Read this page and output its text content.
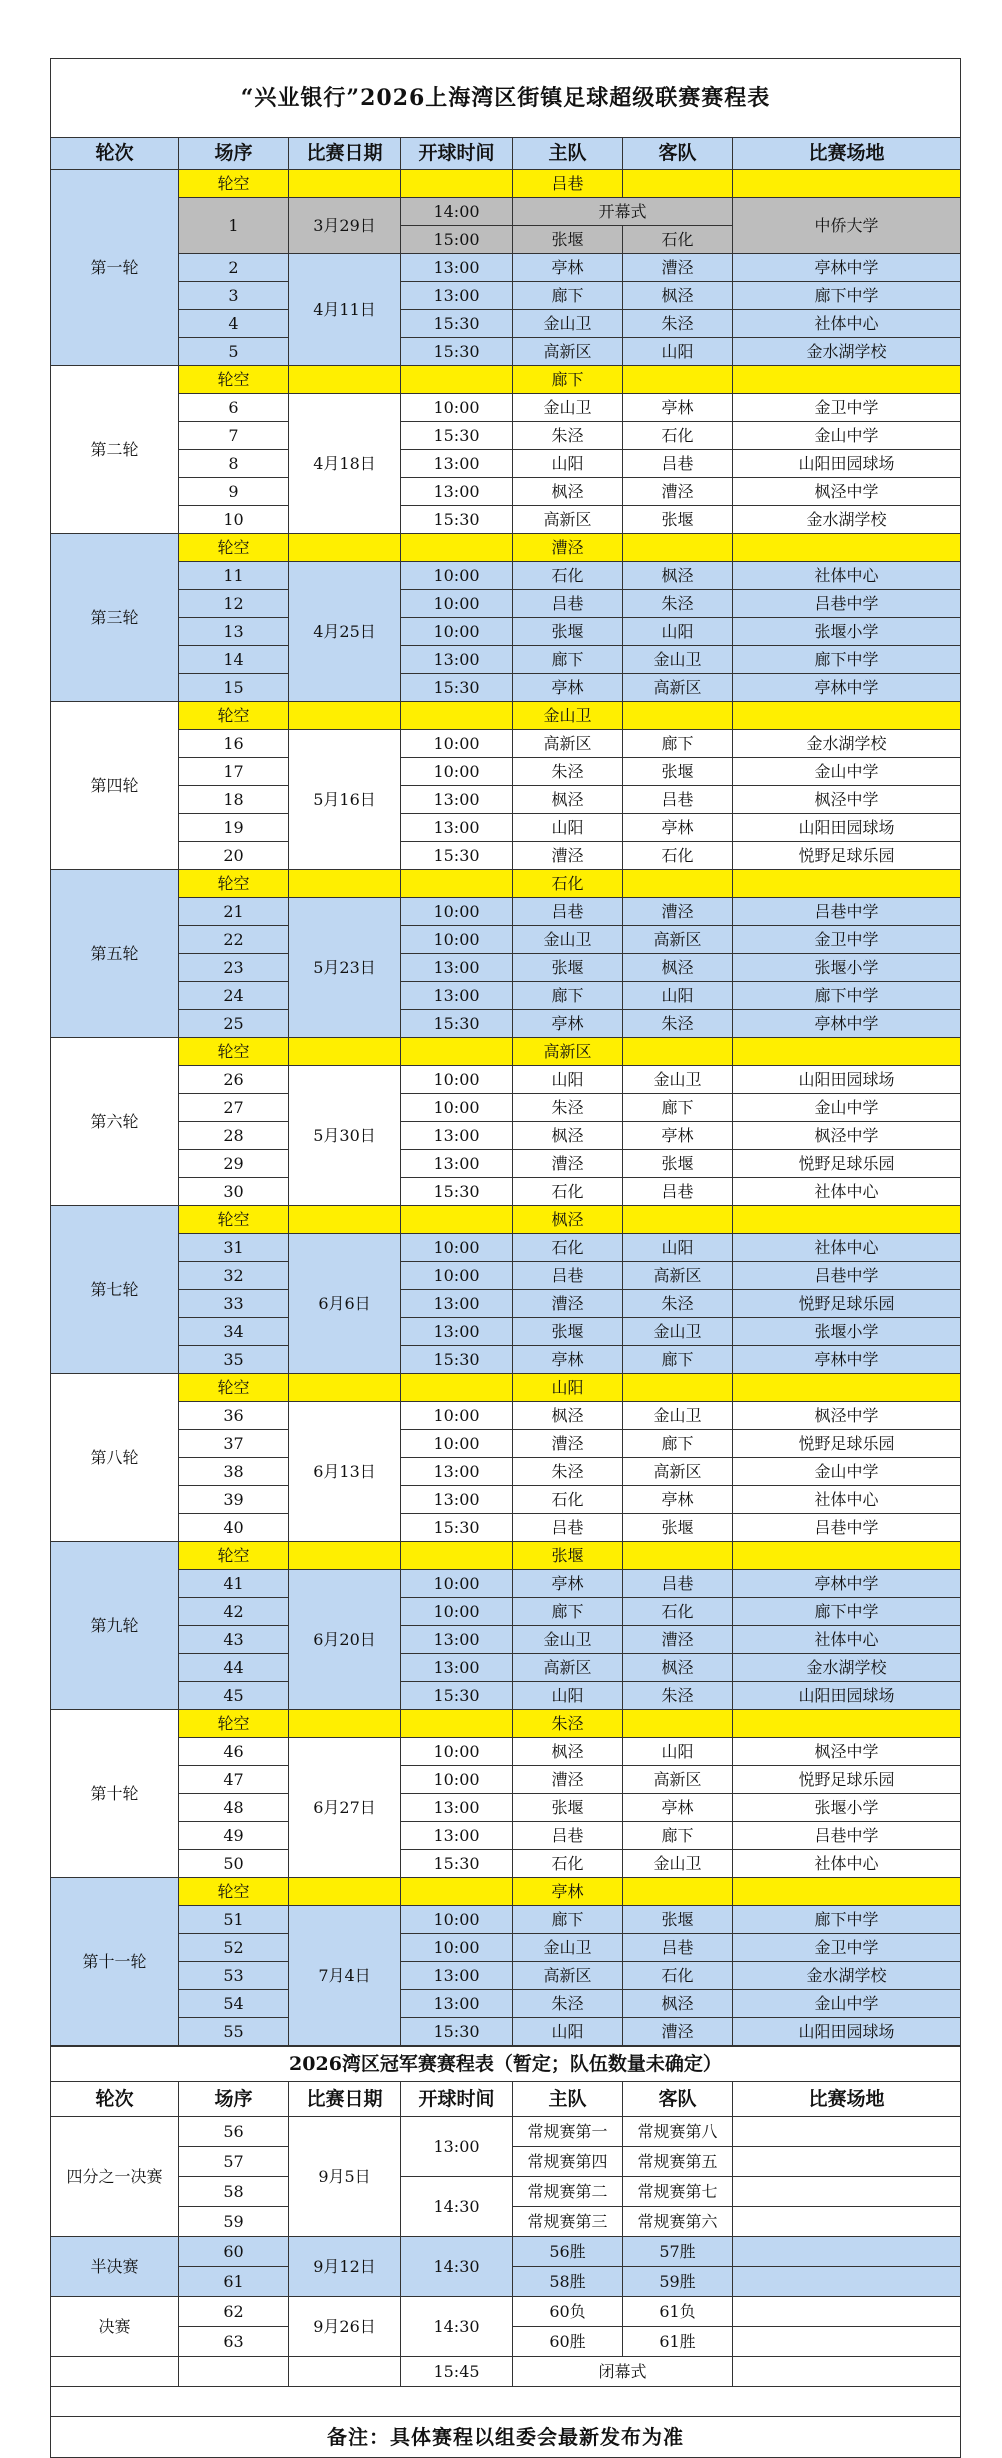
“兴业银行”2026上海湾区街镇足球超级联赛赛程表						
轮次	场序	比赛日期	开球时间	主队	客队	比赛场地
第一轮	轮空			吕巷		
	1	3月29日	14:00	开幕式		中侨大学
			15:00	张堰	石化	
	2	4月11日	13:00	亭林	漕泾	亭林中学
	3		13:00	廊下	枫泾	廊下中学
	4		15:30	金山卫	朱泾	社体中心
	5		15:30	高新区	山阳	金水湖学校
第二轮	轮空			廊下		
	6	4月18日	10:00	金山卫	亭林	金卫中学
	7		15:30	朱泾	石化	金山中学
	8		13:00	山阳	吕巷	山阳田园球场
	9		13:00	枫泾	漕泾	枫泾中学
	10		15:30	高新区	张堰	金水湖学校
第三轮	轮空			漕泾		
	11	4月25日	10:00	石化	枫泾	社体中心
	12		10:00	吕巷	朱泾	吕巷中学
	13		10:00	张堰	山阳	张堰小学
	14		13:00	廊下	金山卫	廊下中学
	15		15:30	亭林	高新区	亭林中学
第四轮	轮空			金山卫		
	16	5月16日	10:00	高新区	廊下	金水湖学校
	17		10:00	朱泾	张堰	金山中学
	18		13:00	枫泾	吕巷	枫泾中学
	19		13:00	山阳	亭林	山阳田园球场
	20		15:30	漕泾	石化	悦野足球乐园
第五轮	轮空			石化		
	21	5月23日	10:00	吕巷	漕泾	吕巷中学
	22		10:00	金山卫	高新区	金卫中学
	23		13:00	张堰	枫泾	张堰小学
	24		13:00	廊下	山阳	廊下中学
	25		15:30	亭林	朱泾	亭林中学
第六轮	轮空			高新区		
	26	5月30日	10:00	山阳	金山卫	山阳田园球场
	27		10:00	朱泾	廊下	金山中学
	28		13:00	枫泾	亭林	枫泾中学
	29		13:00	漕泾	张堰	悦野足球乐园
	30		15:30	石化	吕巷	社体中心
第七轮	轮空			枫泾		
	31	6月6日	10:00	石化	山阳	社体中心
	32		10:00	吕巷	高新区	吕巷中学
	33		13:00	漕泾	朱泾	悦野足球乐园
	34		13:00	张堰	金山卫	张堰小学
	35		15:30	亭林	廊下	亭林中学
第八轮	轮空			山阳		
	36	6月13日	10:00	枫泾	金山卫	枫泾中学
	37		10:00	漕泾	廊下	悦野足球乐园
	38		13:00	朱泾	高新区	金山中学
	39		13:00	石化	亭林	社体中心
	40		15:30	吕巷	张堰	吕巷中学
第九轮	轮空			张堰		
	41	6月20日	10:00	亭林	吕巷	亭林中学
	42		10:00	廊下	石化	廊下中学
	43		13:00	金山卫	漕泾	社体中心
	44		13:00	高新区	枫泾	金水湖学校
	45		15:30	山阳	朱泾	山阳田园球场
第十轮	轮空			朱泾		
	46	6月27日	10:00	枫泾	山阳	枫泾中学
	47		10:00	漕泾	高新区	悦野足球乐园
	48		13:00	张堰	亭林	张堰小学
	49		13:00	吕巷	廊下	吕巷中学
	50		15:30	石化	金山卫	社体中心
第十一轮	轮空			亭林		
	51	7月4日	10:00	廊下	张堰	廊下中学
	52		10:00	金山卫	吕巷	金卫中学
	53		13:00	高新区	石化	金水湖学校
	54		13:00	朱泾	枫泾	金山中学
	55		15:30	山阳	漕泾	山阳田园球场
2026湾区冠军赛赛程表（暂定；队伍数量未确定）						
轮次	场序	比赛日期	开球时间	主队	客队	比赛场地
四分之一决赛	56	9月5日	13:00	常规赛第一	常规赛第八	
	57			常规赛第四	常规赛第五	
	58		14:30	常规赛第二	常规赛第七	
	59			常规赛第三	常规赛第六	
半决赛	60	9月12日	14:30	56胜	57胜	
	61			58胜	59胜	
决赛	62	9月26日	14:30	60负	61负	
	63			60胜	61胜	
			15:45	闭幕式		

备注：具体赛程以组委会最新发布为准						
